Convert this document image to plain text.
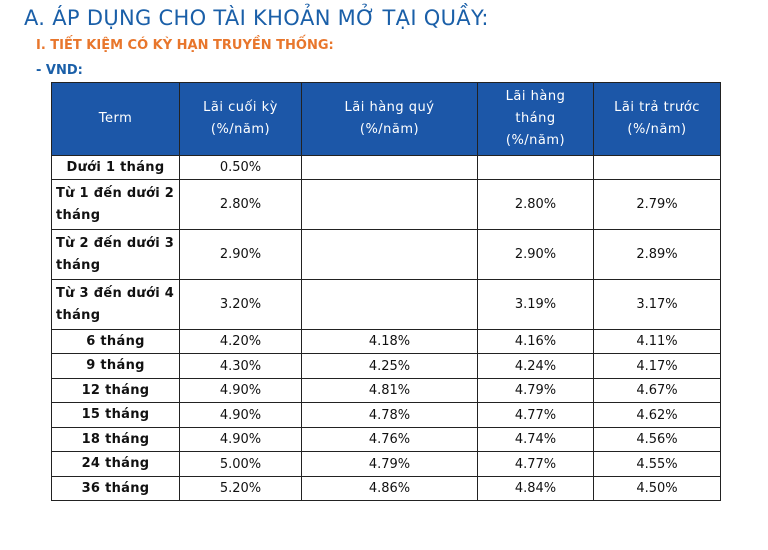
A. ÁP DỤNG CHO TÀI KHOẢN MỞ TẠI QUẦY:
I. TIẾT KIỆM CÓ KỲ HẠN TRUYỀN THỐNG:
- VND:
Term	Lãi cuối kỳ (%/năm)	Lãi hàng quý (%/năm)	Lãi hàng tháng (%/năm)	Lãi trả trước (%/năm)
Dưới 1 tháng	0.50%			
Từ 1 đến dưới 2 tháng	2.80%		2.80%	2.79%
Từ 2 đến dưới 3 tháng	2.90%		2.90%	2.89%
Từ 3 đến dưới 4 tháng	3.20%		3.19%	3.17%
6 tháng	4.20%	4.18%	4.16%	4.11%
9 tháng	4.30%	4.25%	4.24%	4.17%
12 tháng	4.90%	4.81%	4.79%	4.67%
15 tháng	4.90%	4.78%	4.77%	4.62%
18 tháng	4.90%	4.76%	4.74%	4.56%
24 tháng	5.00%	4.79%	4.77%	4.55%
36 tháng	5.20%	4.86%	4.84%	4.50%
